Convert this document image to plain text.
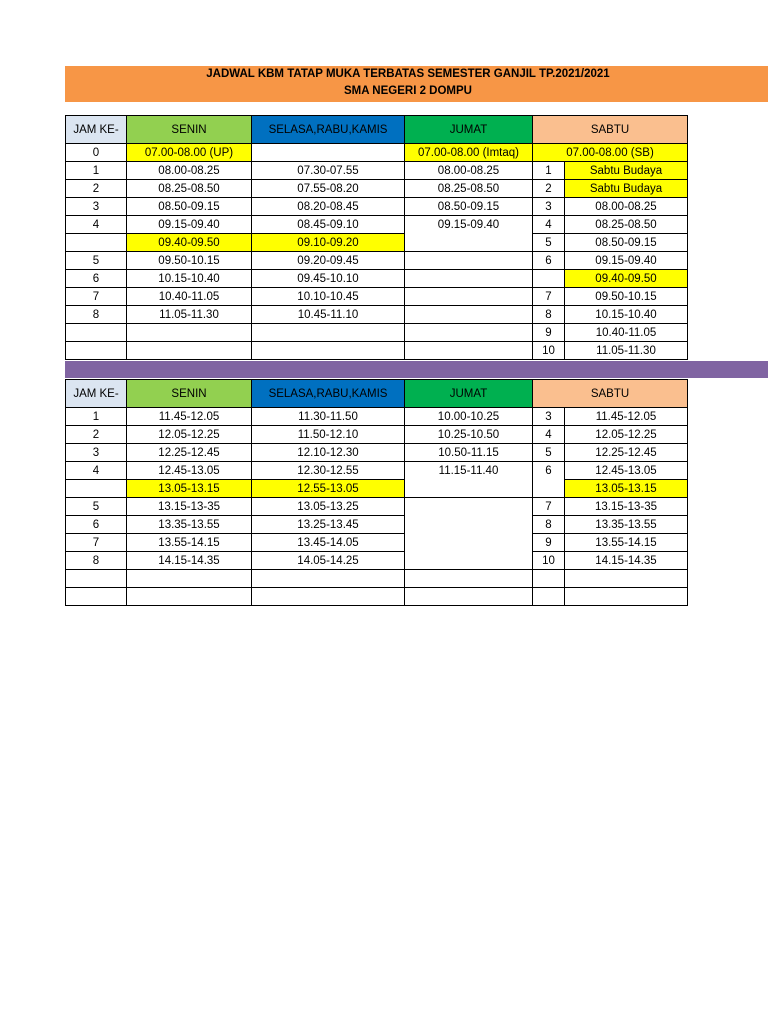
JADWAL KBM TATAP MUKA TERBATAS SEMESTER GANJIL TP.2021/2021
SMA NEGERI 2 DOMPU
JAM KE-	SENIN	SELASA,RABU,KAMIS	JUMAT	SABTU	
0	07.00-08.00 (UP)		07.00-08.00 (Imtaq)	07.00-08.00 (SB)	
1	08.00-08.25	07.30-07.55	08.00-08.25	1	Sabtu Budaya
2	08.25-08.50	07.55-08.20	08.25-08.50	2	Sabtu Budaya
3	08.50-09.15	08.20-08.45	08.50-09.15	3	08.00-08.25
4	09.15-09.40	08.45-09.10	09.15-09.40	4	08.25-08.50
	09.40-09.50	09.10-09.20		5	08.50-09.15
5	09.50-10.15	09.20-09.45		6	09.15-09.40
6	10.15-10.40	09.45-10.10			09.40-09.50
7	10.40-11.05	10.10-10.45		7	09.50-10.15
8	11.05-11.30	10.45-11.10		8	10.15-10.40
				9	10.40-11.05
				10	11.05-11.30
JAM KE-	SENIN	SELASA,RABU,KAMIS	JUMAT	SABTU	
1	11.45-12.05	11.30-11.50	10.00-10.25	3	11.45-12.05
2	12.05-12.25	11.50-12.10	10.25-10.50	4	12.05-12.25
3	12.25-12.45	12.10-12.30	10.50-11.15	5	12.25-12.45
4	12.45-13.05	12.30-12.55	11.15-11.40	6	12.45-13.05
	13.05-13.15	12.55-13.05			13.05-13.15
5	13.15-13-35	13.05-13.25		7	13.15-13-35
6	13.35-13.55	13.25-13.45		8	13.35-13.55
7	13.55-14.15	13.45-14.05		9	13.55-14.15
8	14.15-14.35	14.05-14.25		10	14.15-14.35
